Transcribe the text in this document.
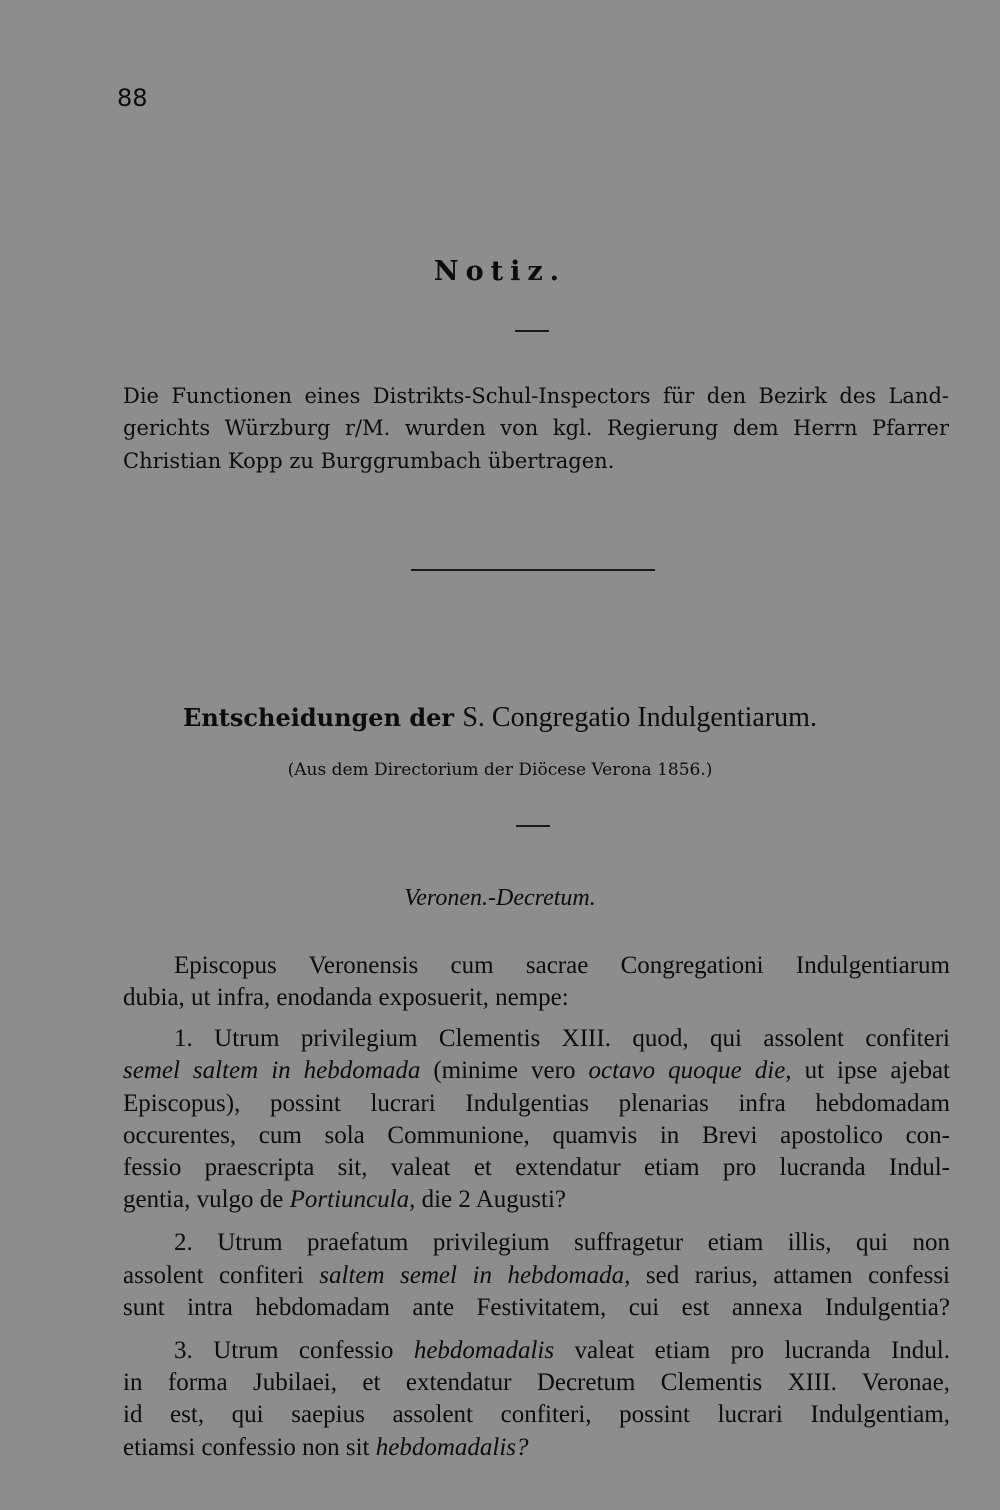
88
Notiz.
Die Functionen eines Distrikts-Schul-Inspectors für den Bezirk des Land-
gerichts Würzburg r/M. wurden von kgl. Regierung dem Herrn Pfarrer
Christian Kopp zu Burggrumbach übertragen.
Entscheidungen der S. Congregatio Indulgentiarum.
(Aus dem Directorium der Diöcese Verona 1856.)
Veronen.-Decretum.
Episcopus Veronensis cum sacrae Congregationi Indulgentiarum
dubia, ut infra, enodanda exposuerit, nempe:
1. Utrum privilegium Clementis XIII. quod, qui assolent confiteri
semel saltem in hebdomada (minime vero octavo quoque die, ut ipse ajebat
Episcopus), possint lucrari Indulgentias plenarias infra hebdomadam
occurentes, cum sola Communione, quamvis in Brevi apostolico con-
fessio praescripta sit, valeat et extendatur etiam pro lucranda Indul-
gentia, vulgo de Portiuncula, die 2 Augusti?
2. Utrum praefatum privilegium suffragetur etiam illis, qui non
assolent confiteri saltem semel in hebdomada, sed rarius, attamen confessi
sunt intra hebdomadam ante Festivitatem, cui est annexa Indulgentia?
3. Utrum confessio hebdomadalis valeat etiam pro lucranda Indul.
in forma Jubilaei, et extendatur Decretum Clementis XIII. Veronae,
id est, qui saepius assolent confiteri, possint lucrari Indulgentiam,
etiamsi confessio non sit hebdomadalis?
